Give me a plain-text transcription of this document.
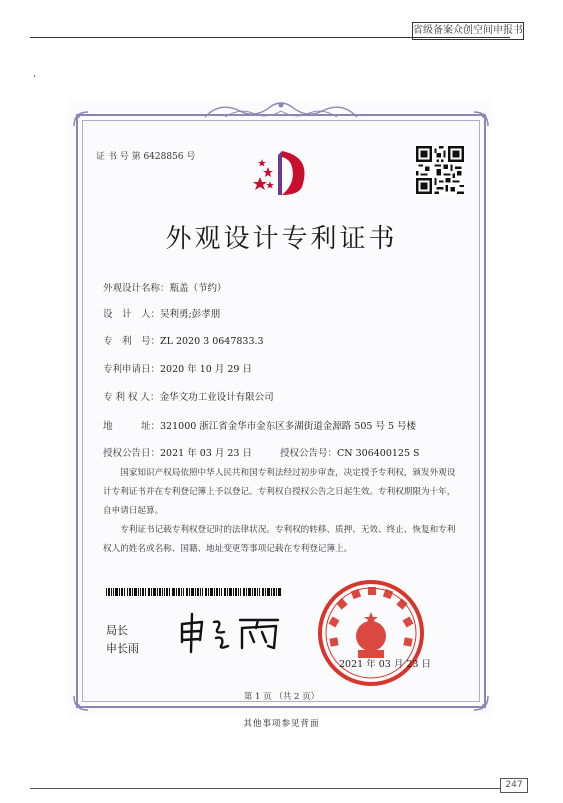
省级备案众创空间申报书
,
证 书 号 第 6428856 号
外观设计专利证书
外观设计名称：瓶盖（节约）
设　计　人：吴利勇;彭孝朋
专　利　号：ZL 2020 3 0647833.3
专利申请日：2020 年 10 月 29 日
专 利 权 人：金华文功工业设计有限公司
地　　　址：321000 浙江省金华市金东区多湖街道金源路 505 号 5 号楼
授权公告日：2021 年 03 月 23 日	授权公告号：CN 306400125 S

国家知识产权局依照中华人民共和国专利法经过初步审查，决定授予专利权，颁发外观设计专利证书并在专利登记簿上予以登记。专利权自授权公告之日起生效。专利权期限为十年，自申请日起算。

专利证书记载专利权登记时的法律状况。专利权的转移、质押、无效、终止、恢复和专利权人的姓名或名称、国籍、地址变更等事项记载在专利登记簿上。

局长
申长雨
2021 年 03 月 23 日
第 1 页 （共 2 页）
其他事项参见背面
247
